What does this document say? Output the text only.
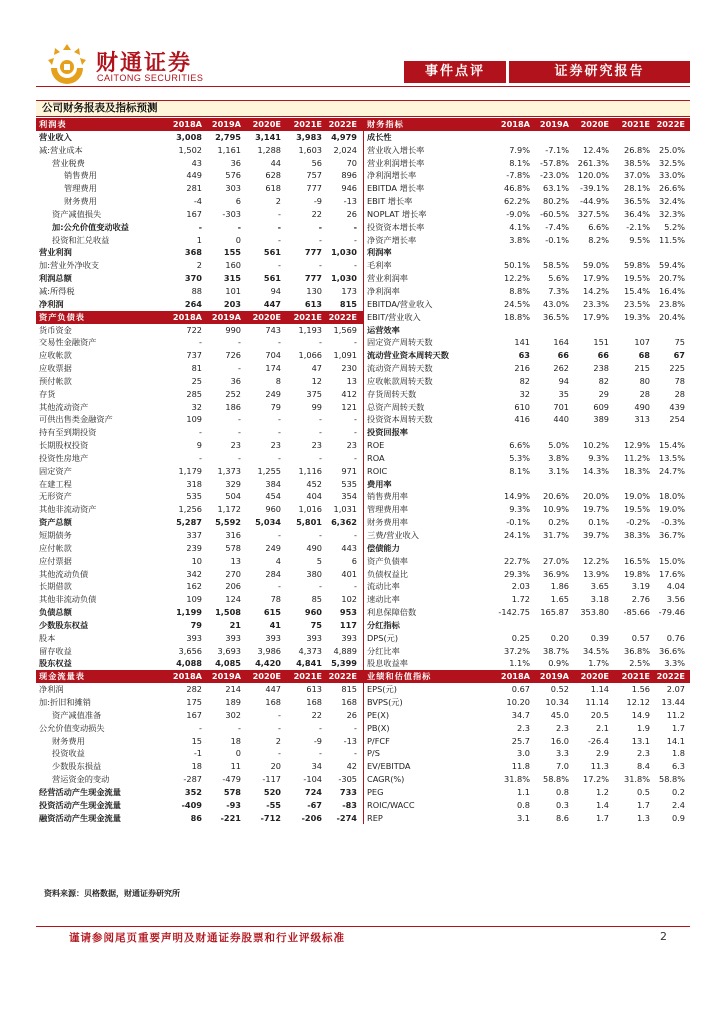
财通证券
CAITONG SECURITIES	事件点评	证券研究报告
公司财务报表及指标预测
利润表	2018A	2019A	2020E	2021E 2022E
营业收入	3,008	2,795	3,141	3,983	4,979
减:营业成本	1,502	1,161	1,288	1,603	2,024
营业税费	43	36	44	56	70
销售费用	449	576	628	757	896
管理费用	281	303	618	777	946
财务费用	-4	6	2	-9	-13
资产减值损失	167	-303	-	22	26
加:公允价值变动收益	-	-	-	-	-
投资和汇兑收益	1	0	-	-	-
营业利润	368	155	561	777	1,030
加:营业外净收支	2	160	-	-	-
利润总额	370	315	561	777	1,030
减:所得税	88	101	94	130	173
净利润	264	203	447	613	815
资产负债表	2018A	2019A	2020E	2021E 2022E
货币资金	722	990	743	1,193	1,569
交易性金融资产	-	-	-	-	-
应收帐款	737	726	704	1,066	1,091
应收票据	81	-	174	47	230
预付帐款	25	36	8	12	13
存货	285	252	249	375	412
其他流动资产	32	186	79	99	121
可供出售类金融资产	109	-	-	-	-
持有至到期投资	-	-	-	-	-
长期股权投资	9	23	23	23	23
投资性房地产	-	-	-	-	-
固定资产	1,179	1,373	1,255	1,116	971
在建工程	318	329	384	452	535
无形资产	535	504	454	404	354
其他非流动资产	1,256	1,172	960	1,016	1,031
资产总额	5,287	5,592	5,034	5,801	6,362
短期债务	337	316	-	-	-
应付帐款	239	578	249	490	443
应付票据	10	13	4	5	6
其他流动负债	342	270	284	380	401
长期借款	162	206	-	-	-
其他非流动负债	109	124	78	85	102
负债总额	1,199	1,508	615	960	953
少数股东权益	79	21	41	75	117
股本	393	393	393	393	393
留存收益	3,656	3,693	3,986	4,373	4,889
股东权益	4,088	4,085	4,420	4,841	5,399
现金流量表	2018A	2019A	2020E	2021E 2022E
净利润	282	214	447	613	815
加:折旧和摊销	175	189	168	168	168
资产减值准备	167	302	-	22	26
公允价值变动损失	-	-	-	-	-
财务费用	15	18	2	-9	-13
投资收益	-1	0	-	-	-
少数股东损益	18	11	20	34	42
营运资金的变动	-287	-479	-117	-104	-305
经营活动产生现金流量	352	578	520	724	733
投资活动产生现金流量	-409	-93	-55	-67	-83
融资活动产生现金流量	86	-221	-712	-206	-274
财务指标	2018A	2019A	2020E	2021E 2022E
成长性
营业收入增长率	7.9%	-7.1%	12.4%	26.8%	25.0%
营业利润增长率	8.1%	-57.8%	261.3%	38.5%	32.5%
净利润增长率	-7.8%	-23.0%	120.0%	37.0%	33.0%
EBITDA 增长率	46.8%	63.1%	-39.1%	28.1%	26.6%
EBIT 增长率	62.2%	80.2%	-44.9%	36.5%	32.4%
NOPLAT 增长率	-9.0%	-60.5%	327.5%	36.4%	32.3%
投资资本增长率	4.1%	-7.4%	6.6%	-2.1%	5.2%
净资产增长率	3.8%	-0.1%	8.2%	9.5%	11.5%
利润率
毛利率	50.1%	58.5%	59.0%	59.8%	59.4%
营业利润率	12.2%	5.6%	17.9%	19.5%	20.7%
净利润率	8.8%	7.3%	14.2%	15.4%	16.4%
EBITDA/营业收入	24.5%	43.0%	23.3%	23.5%	23.8%
EBIT/营业收入	18.8%	36.5%	17.9%	19.3%	20.4%
运营效率
固定资产周转天数	141	164	151	107	75
流动营业资本周转天数	63	66	66	68	67
流动资产周转天数	216	262	238	215	225
应收帐款周转天数	82	94	82	80	78
存货周转天数	32	35	29	28	28
总资产周转天数	610	701	609	490	439
投资资本周转天数	416	440	389	313	254
投资回报率
ROE	6.6%	5.0%	10.2%	12.9%	15.4%
ROA	5.3%	3.8%	9.3%	11.2%	13.5%
ROIC	8.1%	3.1%	14.3%	18.3%	24.7%
费用率
销售费用率	14.9%	20.6%	20.0%	19.0%	18.0%
管理费用率	9.3%	10.9%	19.7%	19.5%	19.0%
财务费用率	-0.1%	0.2%	0.1%	-0.2%	-0.3%
三费/营业收入	24.1%	31.7%	39.7%	38.3%	36.7%
偿债能力
资产负债率	22.7%	27.0%	12.2%	16.5%	15.0%
负债权益比	29.3%	36.9%	13.9%	19.8%	17.6%
流动比率	2.03	1.86	3.65	3.19	4.04
速动比率	1.72	1.65	3.18	2.76	3.56
利息保障倍数	-142.75	165.87	353.80	-85.66	-79.46
分红指标
DPS(元)	0.25	0.20	0.39	0.57	0.76
分红比率	37.2%	38.7%	34.5%	36.8%	36.6%
股息收益率	1.1%	0.9%	1.7%	2.5%	3.3%
业绩和估值指标	2018A	2019A	2020E	2021E 2022E
EPS(元)	0.67	0.52	1.14	1.56	2.07
BVPS(元)	10.20	10.34	11.14	12.12	13.44
PE(X)	34.7	45.0	20.5	14.9	11.2
PB(X)	2.3	2.3	2.1	1.9	1.7
P/FCF	25.7	16.0	-26.4	13.1	14.1
P/S	3.0	3.3	2.9	2.3	1.8
EV/EBITDA	11.8	7.0	11.3	8.4	6.3
CAGR(%)	31.8%	58.8%	17.2%	31.8%	58.8%
PEG	1.1	0.8	1.2	0.5	0.2
ROIC/WACC	0.8	0.3	1.4	1.7	2.4
REP	3.1	8.6	1.7	1.3	0.9
资料来源：贝格数据，财通证券研究所
谨请参阅尾页重要声明及财通证券股票和行业评级标准	2
